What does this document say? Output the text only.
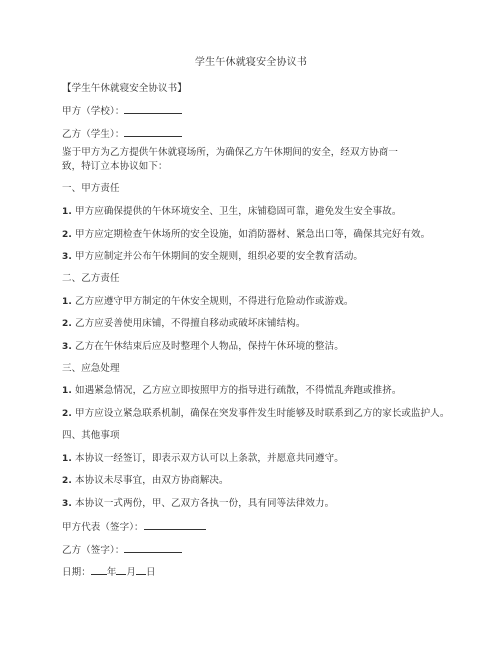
学生午休就寝安全协议书
【学生午休就寝安全协议书】
甲方（学校）：
乙方（学生）：
鉴于甲方为乙方提供午休就寝场所，为确保乙方午休期间的安全，经双方协商一致，特订立本协议如下：
一、甲方责任
1. 甲方应确保提供的午休环境安全、卫生，床铺稳固可靠，避免发生安全事故。
2. 甲方应定期检查午休场所的安全设施，如消防器材、紧急出口等，确保其完好有效。
3. 甲方应制定并公布午休期间的安全规则，组织必要的安全教育活动。
二、乙方责任
1. 乙方应遵守甲方制定的午休安全规则，不得进行危险动作或游戏。
2. 乙方应妥善使用床铺，不得擅自移动或破坏床铺结构。
3. 乙方在午休结束后应及时整理个人物品，保持午休环境的整洁。
三、应急处理
1. 如遇紧急情况，乙方应立即按照甲方的指导进行疏散，不得慌乱奔跑或推挤。
2. 甲方应设立紧急联系机制，确保在突发事件发生时能够及时联系到乙方的家长或监护人。
四、其他事项
1. 本协议一经签订，即表示双方认可以上条款，并愿意共同遵守。
2. 本协议未尽事宜，由双方协商解决。
3. 本协议一式两份，甲、乙双方各执一份，具有同等法律效力。
甲方代表（签字）：
乙方（签字）：
日期： 年 月 日
